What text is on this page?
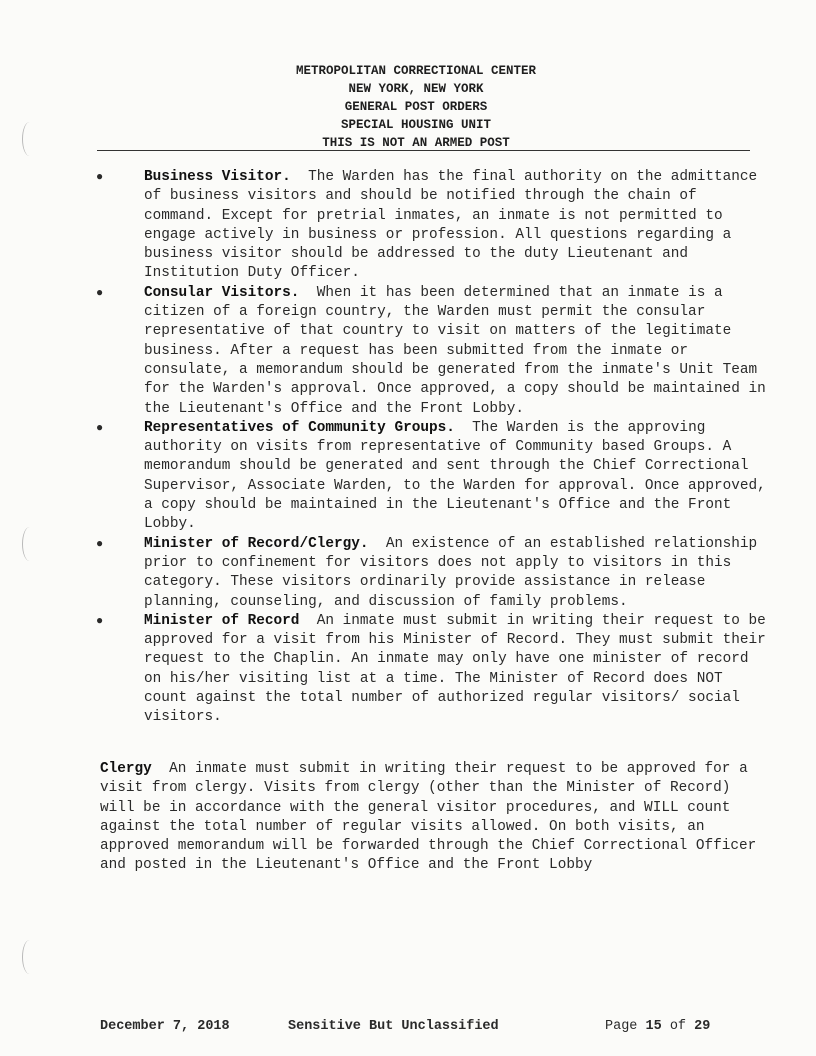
METROPOLITAN CORRECTIONAL CENTER
NEW YORK, NEW YORK
GENERAL POST ORDERS
SPECIAL HOUSING UNIT
THIS IS NOT AN ARMED POST
●	Business Visitor. The Warden has the final authority on the admittance of business visitors and should be notified through the chain of command. Except for pretrial inmates, an inmate is not permitted to engage actively in business or profession. All questions regarding a business visitor should be addressed to the duty Lieutenant and Institution Duty Officer.
●	Consular Visitors. When it has been determined that an inmate is a citizen of a foreign country, the Warden must permit the consular representative of that country to visit on matters of the legitimate business. After a request has been submitted from the inmate or consulate, a memorandum should be generated from the inmate's Unit Team for the Warden's approval. Once approved, a copy should be maintained in the Lieutenant's Office and the Front Lobby.
●	Representatives of Community Groups. The Warden is the approving authority on visits from representative of Community based Groups. A memorandum should be generated and sent through the Chief Correctional Supervisor, Associate Warden, to the Warden for approval. Once approved, a copy should be maintained in the Lieutenant's Office and the Front Lobby.
●	Minister of Record/Clergy. An existence of an established relationship prior to confinement for visitors does not apply to visitors in this category. These visitors ordinarily provide assistance in release planning, counseling, and discussion of family problems.
●	Minister of Record An inmate must submit in writing their request to be approved for a visit from his Minister of Record. They must submit their request to the Chaplin. An inmate may only have one minister of record on his/her visiting list at a time. The Minister of Record does NOT count against the total number of authorized regular visitors/ social visitors.
Clergy An inmate must submit in writing their request to be approved for a visit from clergy. Visits from clergy (other than the Minister of Record) will be in accordance with the general visitor procedures, and WILL count against the total number of regular visits allowed. On both visits, an approved memorandum will be forwarded through the Chief Correctional Officer and posted in the Lieutenant's Office and the Front Lobby
December 7, 2018	Sensitive But Unclassified	Page 15 of 29
